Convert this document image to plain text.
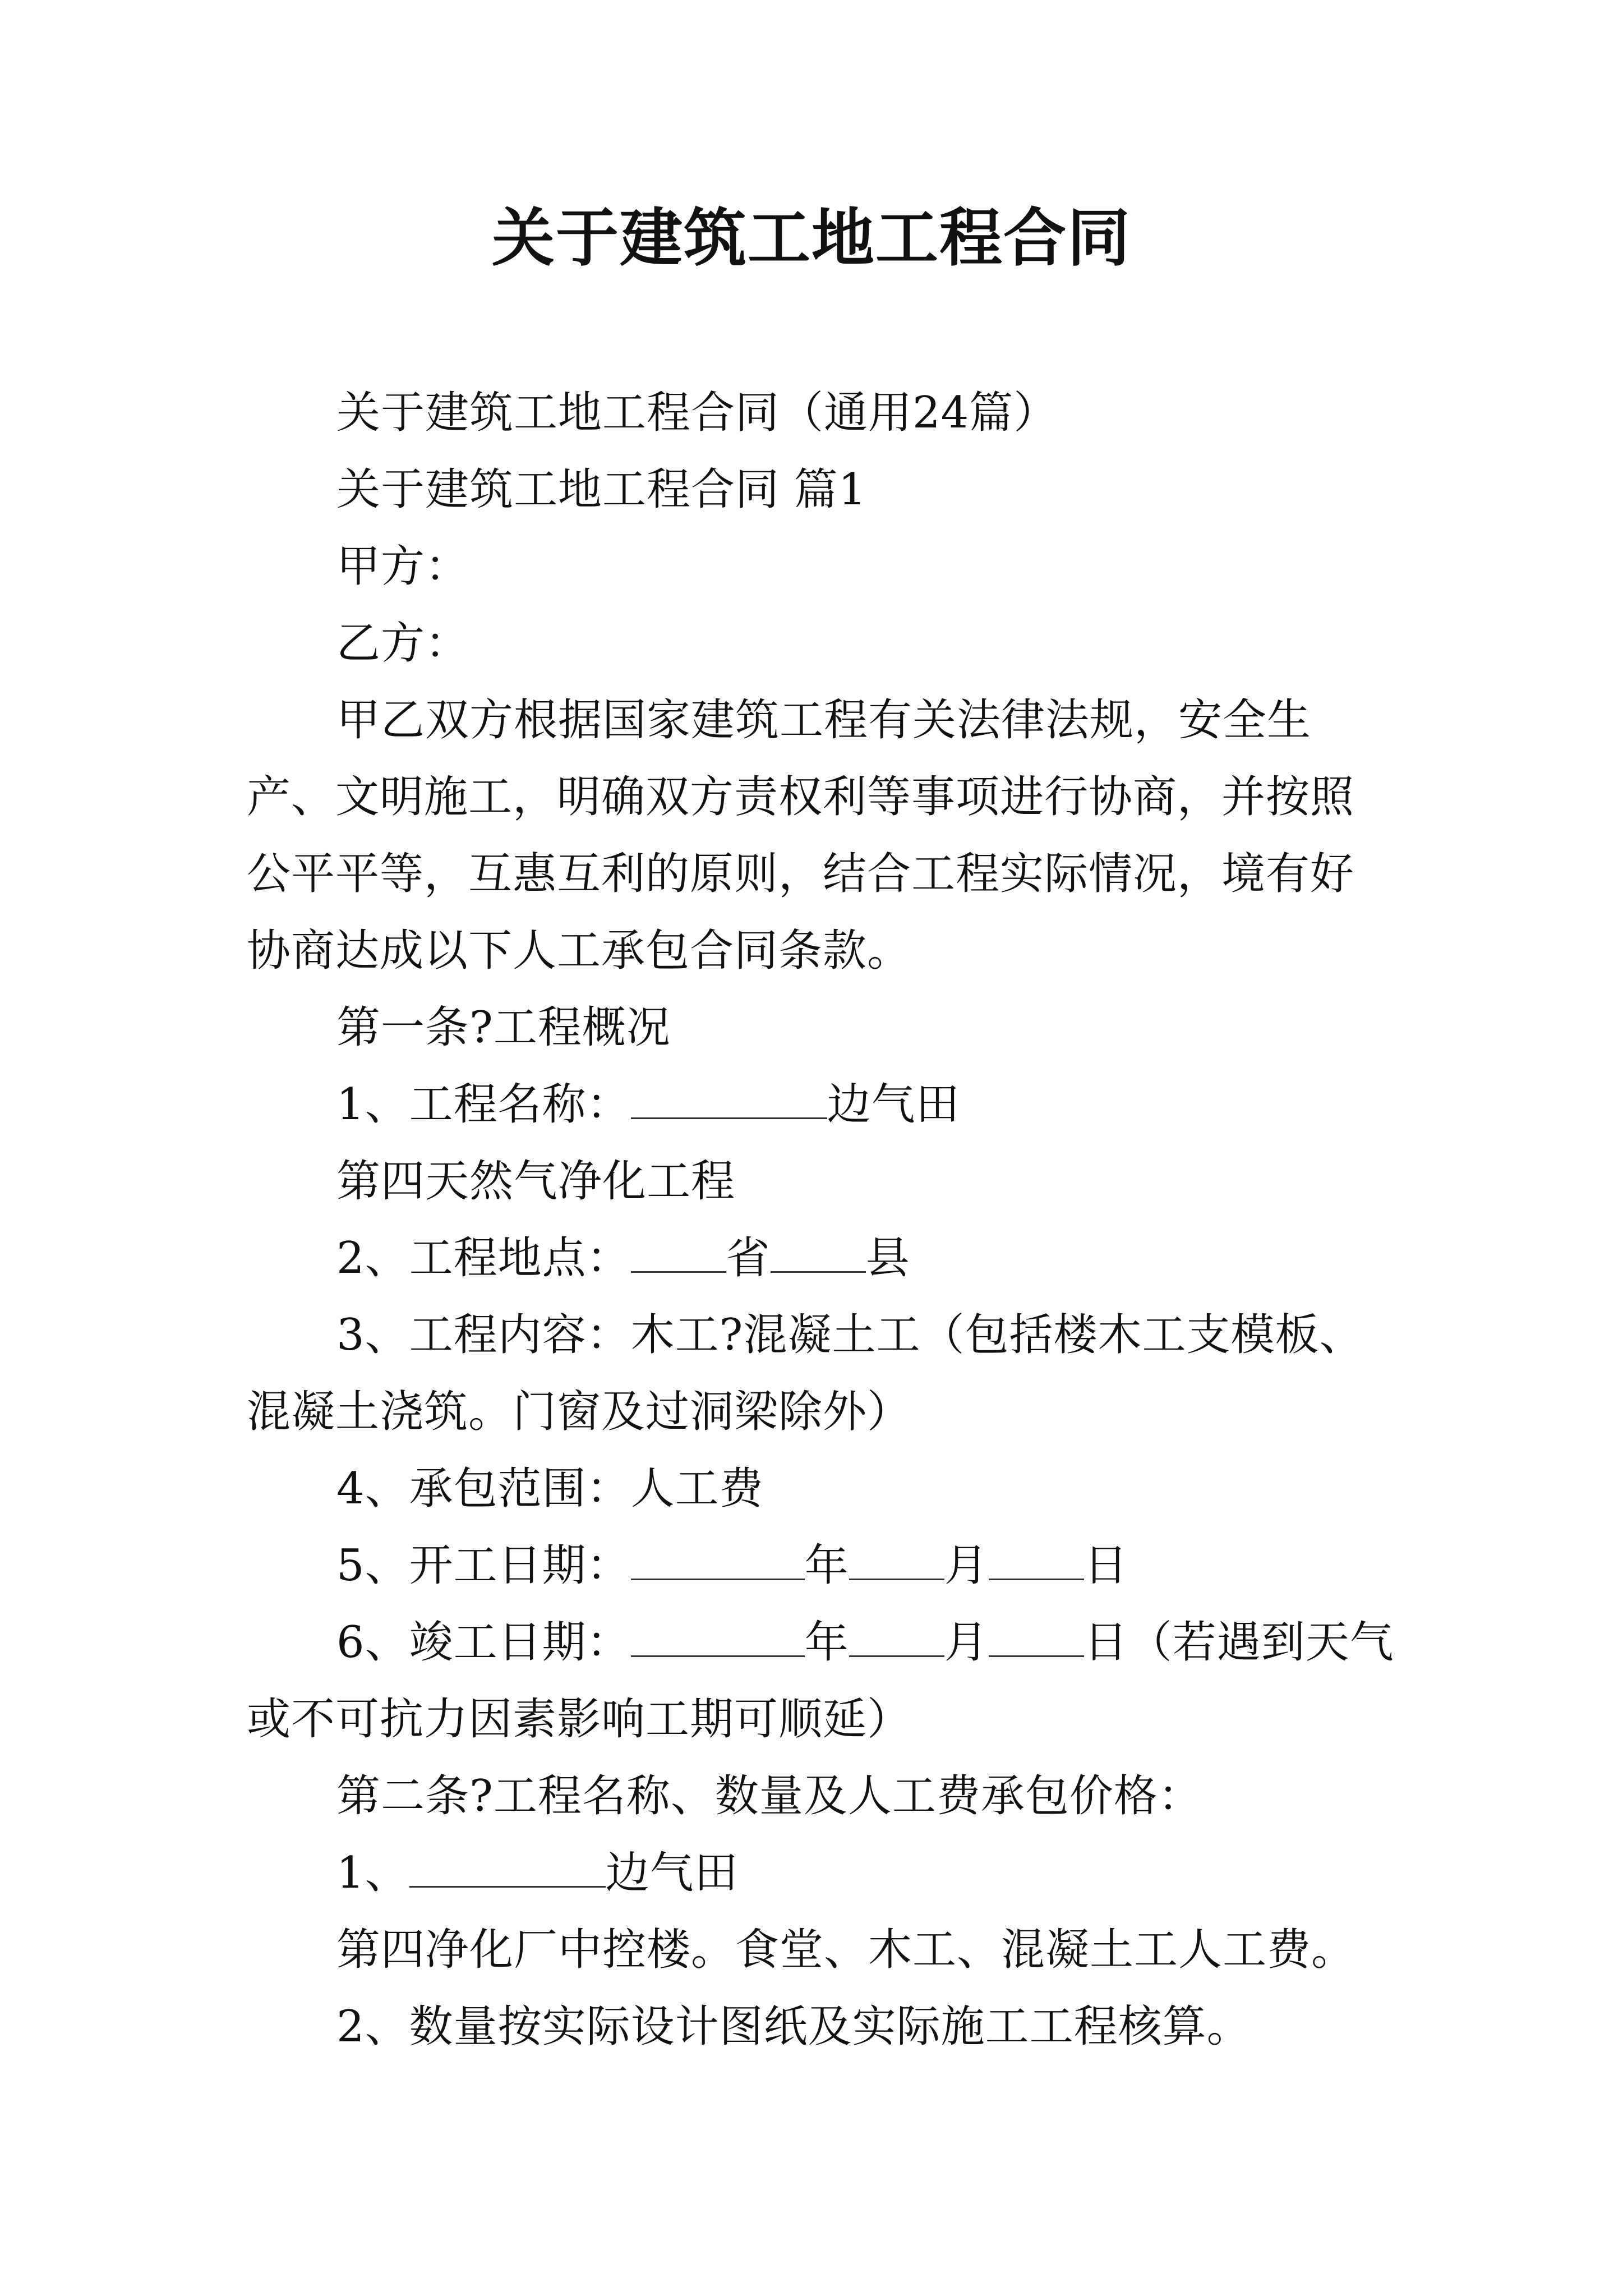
关于建筑工地工程合同

关于建筑工地工程合同（通用24篇）

关于建筑工地工程合同 篇1

甲方：

乙方：

甲乙双方根据国家建筑工程有关法律法规，安全生产、文明施工，明确双方责权利等事项进行协商，并按照公平平等，互惠互利的原则，结合工程实际情况，境有好协商达成以下人工承包合同条款。

第一条?工程概况

1、工程名称：	边气田

第四天然气净化工程

2、工程地点： 省 县

3、工程内容：木工?混凝土工（包括楼木工支模板、混凝土浇筑。门窗及过洞梁除外）

4、承包范围：人工费

5、开工日期：	年 月 日

6、竣工日期：	年 月 日（若遇到天气或不可抗力因素影响工期可顺延）

第二条?工程名称、数量及人工费承包价格：

1、	边气田

第四净化厂中控楼。食堂、木工、混凝土工人工费。

2、数量按实际设计图纸及实际施工工程核算。
